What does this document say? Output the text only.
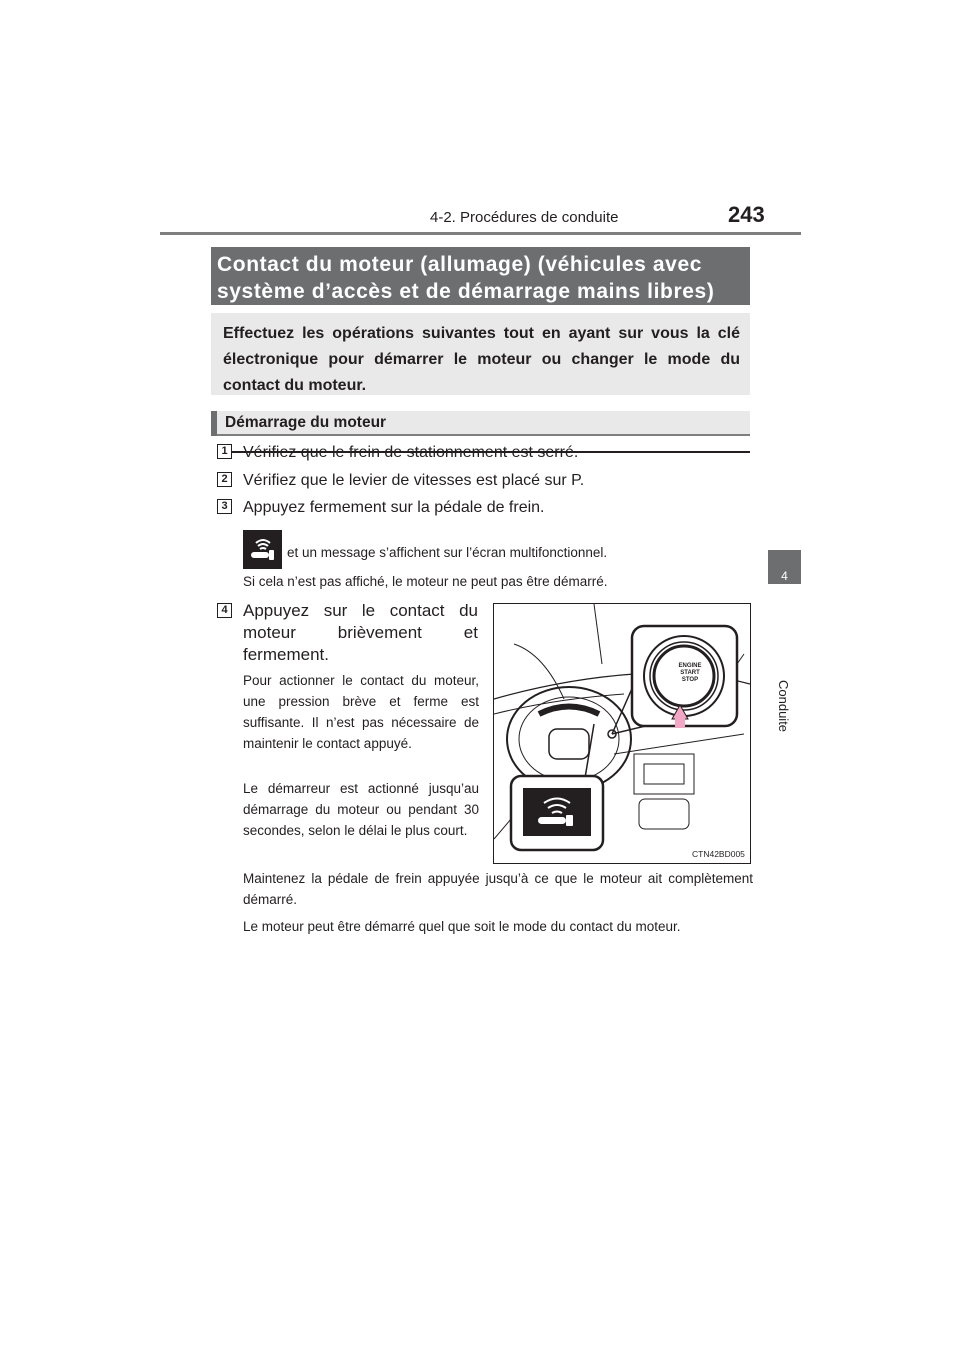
4-2. Procédures de conduite	243
4
Conduite
Contact du moteur (allumage) (véhicules avec
système d’accès et de démarrage mains libres)
Effectuez les opérations suivantes tout en ayant sur vous la clé électronique pour démarrer le moteur ou changer le mode du contact du moteur.
Démarrage du moteur
1 Vérifiez que le frein de stationnement est serré.
2 Vérifiez que le levier de vitesses est placé sur P.
3 Appuyez fermement sur la pédale de frein.
et un message s’affichent sur l’écran multifonctionnel.
Si cela n’est pas affiché, le moteur ne peut pas être démarré.
4 Appuyez sur le contact du moteur brièvement et fermement.
Pour actionner le contact du moteur, une pression brève et ferme est suffisante. Il n’est pas nécessaire de maintenir le contact appuyé.
Le démarreur est actionné jusqu’au démarrage du moteur ou pendant 30 secondes, selon le délai le plus court.
Maintenez la pédale de frein appuyée jusqu’à ce que le moteur ait complètement démarré.
Le moteur peut être démarré quel que soit le mode du contact du moteur.
ENGINE
START
STOP
CTN42BD005
